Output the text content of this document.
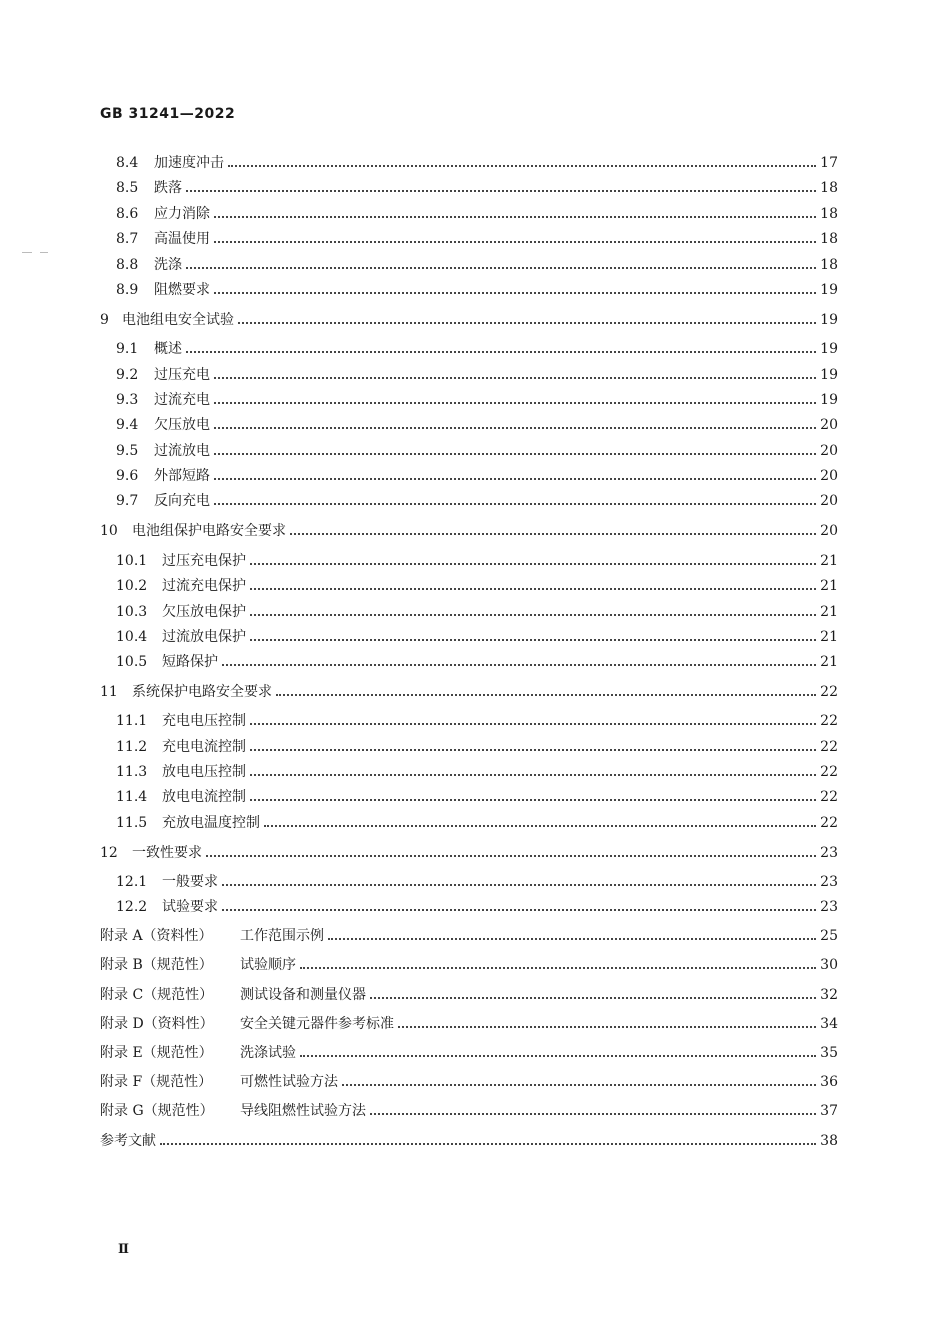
GB 31241—2022
8.4	加速度冲击	17
8.5	跌落	18
8.6	应力消除	18
8.7	高温使用	18
8.8	洗涤	18
8.9	阻燃要求	19
9 电池组电安全试验	19
9.1	概述	19
9.2	过压充电	19
9.3	过流充电	19
9.4	欠压放电	20
9.5	过流放电	20
9.6	外部短路	20
9.7	反向充电	20
10	电池组保护电路安全要求	20
10.1	过压充电保护	21
10.2	过流充电保护	21
10.3	欠压放电保护	21
10.4	过流放电保护	21
10.5	短路保护	21
11	系统保护电路安全要求	22
11.1	充电电压控制	22
11.2	充电电流控制	22
11.3	放电电压控制	22
11.4	放电电流控制	22
11.5	充放电温度控制	22
12	一致性要求	23
12.1	一般要求	23
12.2	试验要求	23
附录 A（资料性）	工作范围示例	25
附录 B（规范性）	试验顺序	30
附录 C（规范性）	测试设备和测量仪器	32
附录 D（资料性）	安全关键元器件参考标准	34
附录 E（规范性）	洗涤试验	35
附录 F（规范性）	可燃性试验方法	36
附录 G（规范性）	导线阻燃性试验方法	37
参考文献	38
Ⅱ
